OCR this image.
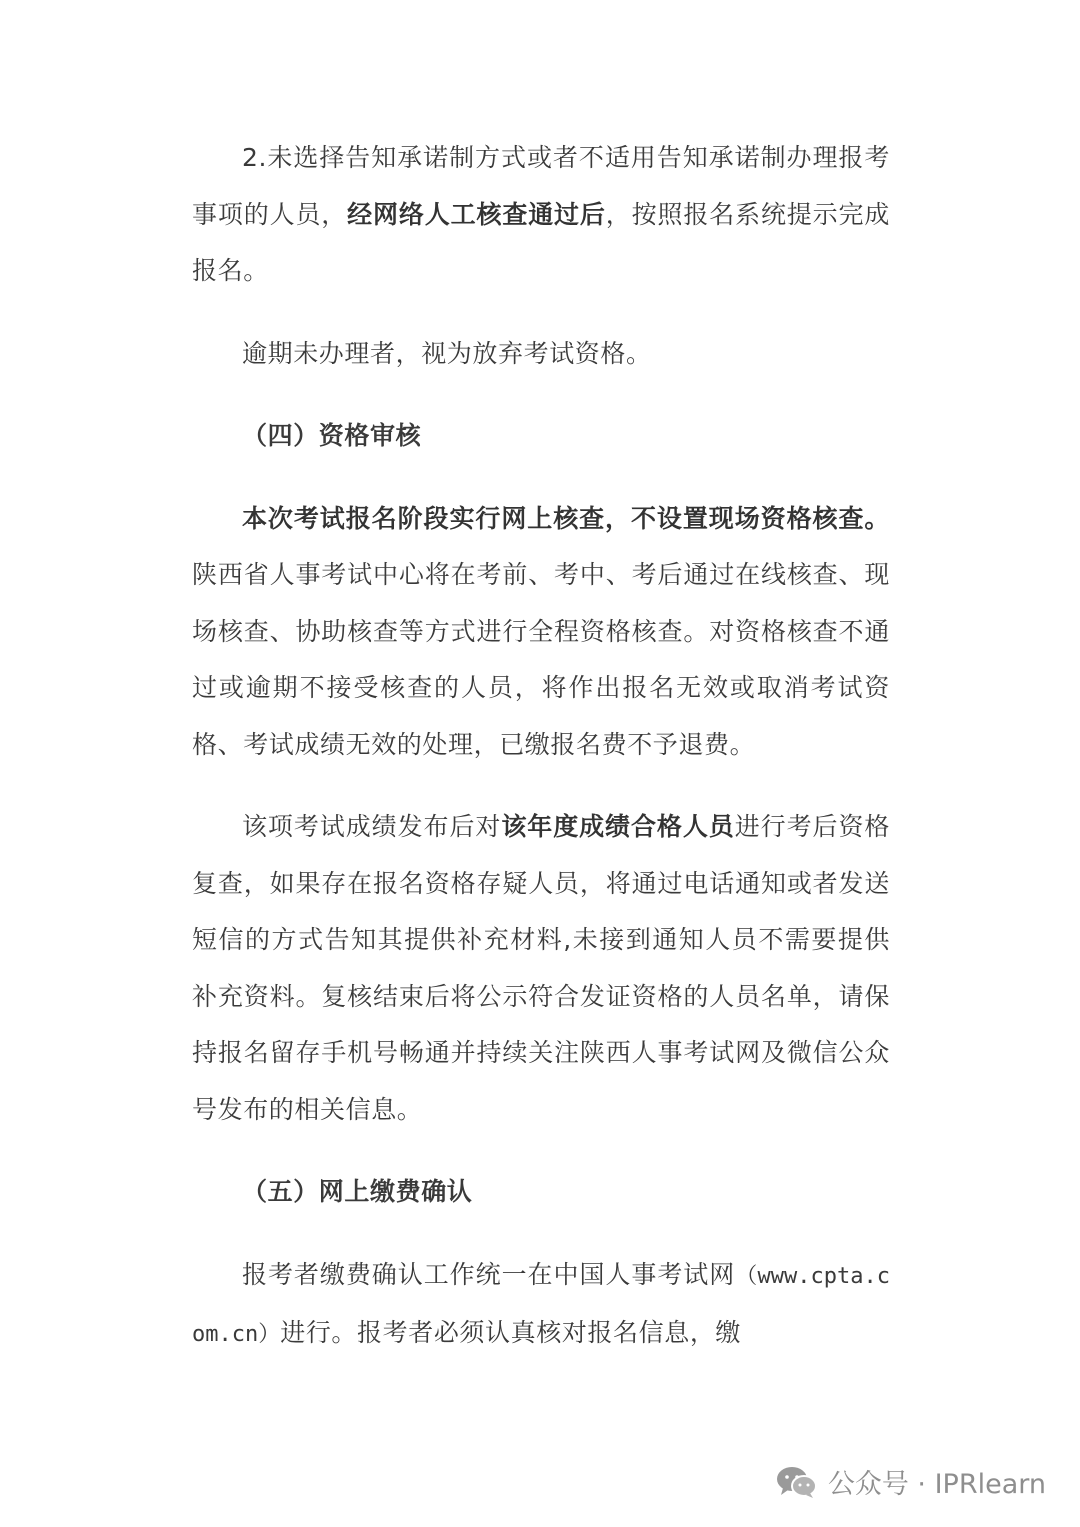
2.未选择告知承诺制方式或者不适用告知承诺制办理报考事项的人员，经网络人工核查通过后，按照报名系统提示完成报名。

逾期未办理者，视为放弃考试资格。

（四）资格审核

本次考试报名阶段实行网上核查，不设置现场资格核查。陕西省人事考试中心将在考前、考中、考后通过在线核查、现场核查、协助核查等方式进行全程资格核查。对资格核查不通过或逾期不接受核查的人员，将作出报名无效或取消考试资格、考试成绩无效的处理，已缴报名费不予退费。

该项考试成绩发布后对该年度成绩合格人员进行考后资格复查，如果存在报名资格存疑人员，将通过电话通知或者发送短信的方式告知其提供补充材料,未接到通知人员不需要提供补充资料。复核结束后将公示符合发证资格的人员名单，请保持报名留存手机号畅通并持续关注陕西人事考试网及微信公众号发布的相关信息。

（五）网上缴费确认

报考者缴费确认工作统一在中国人事考试网（www.cpta.com.cn）进行。报考者必须认真核对报名信息，缴

公众号 · IPRlearn
